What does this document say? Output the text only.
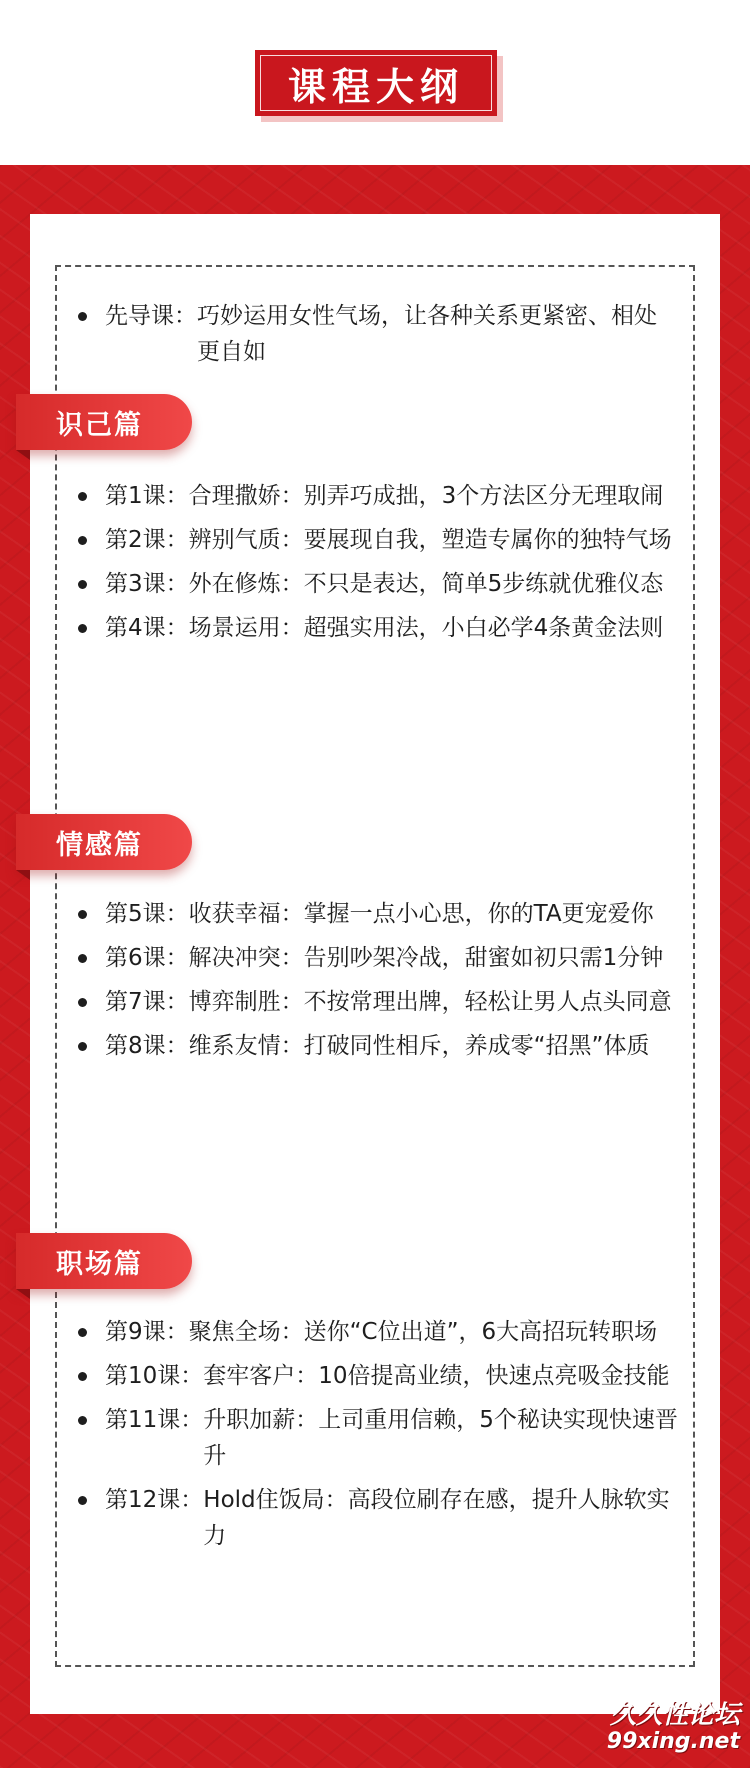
课程大纲
先导课： 巧妙运用女性气场，让各种关系更紧密、相处更自如
识己篇
第1课： 合理撒娇：别弄巧成拙，3个方法区分无理取闹
第2课： 辨别气质：要展现自我，塑造专属你的独特气场
第3课： 外在修炼：不只是表达，简单5步练就优雅仪态
第4课： 场景运用：超强实用法，小白必学4条黄金法则
情感篇
第5课： 收获幸福：掌握一点小心思，你的TA更宠爱你
第6课： 解决冲突：告别吵架冷战，甜蜜如初只需1分钟
第7课： 博弈制胜：不按常理出牌，轻松让男人点头同意
第8课： 维系友情：打破同性相斥，养成零“招黑”体质
职场篇
第9课： 聚焦全场：送你“C位出道”，6大高招玩转职场
第10课： 套牢客户：10倍提高业绩，快速点亮吸金技能
第11课： 升职加薪：上司重用信赖，5个秘诀实现快速晋升
第12课： Hold住饭局：高段位刷存在感，提升人脉软实力
久久性论坛
99xing.net
